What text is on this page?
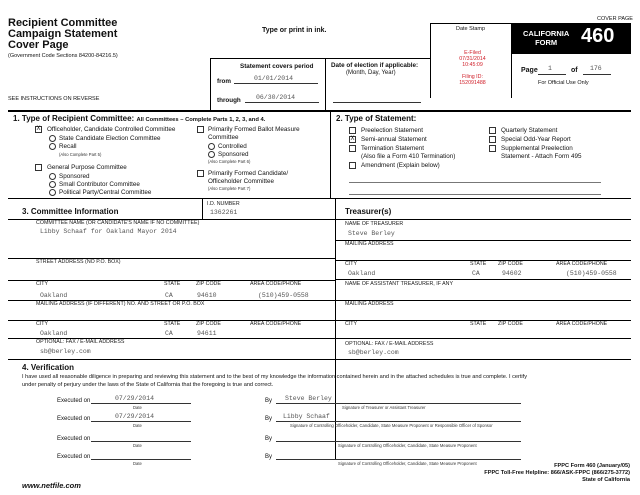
Recipient Committee
Campaign Statement
Cover Page
(Government Code Sections 84200-84216.5)
Type or print in ink.
COVER PAGE
Date Stamp
E-Filed
07/31/2014
10:45:09
Filing ID:
152091488
CALIFORNIA
FORM	460
Page 1	of 176
For Official Use Only
Statement covers period
from	01/01/2014
through 06/30/2014
Date of election if applicable:
(Month, Day, Year)
SEE INSTRUCTIONS ON REVERSE
1. Type of Recipient Committee: All Committees – Complete Parts 1, 2, 3, and 4.
X Officeholder, Candidate Controlled Committee
State Candidate Election Committee
Recall
(Also Complete Part 5)
General Purpose Committee
Sponsored
Small Contributor Committee
Political Party/Central Committee
Primarily Formed Ballot Measure
Committee
Controlled
Sponsored
(Also Complete Part 6)
Primarily Formed Candidate/
Officeholder Committee
(Also Complete Part 7)
2. Type of Statement:
Preelection Statement
X Semi-annual Statement
Termination Statement
(Also file a Form 410 Termination)
Amendment (Explain below)
Quarterly Statement
Special Odd-Year Report
Supplemental Preelection
Statement - Attach Form 495
3. Committee Information
I.D. NUMBER
1362261
COMMITTEE NAME (OR CANDIDATE'S NAME IF NO COMMITTEE)
Libby Schaaf for Oakland Mayor 2014
STREET ADDRESS (NO P.O. BOX)
CITY	STATE	ZIP CODE	AREA CODE/PHONE
Oakland	CA	94610	(510)459-0558
MAILING ADDRESS (IF DIFFERENT) NO. AND STREET OR P.O. BOX
CITY	STATE	ZIP CODE	AREA CODE/PHONE
Oakland	CA	94611
OPTIONAL: FAX / E-MAIL ADDRESS
sb@berley.com
Treasurer(s)
NAME OF TREASURER
Steve Berley
MAILING ADDRESS
CITY	STATE ZIP CODE	AREA CODE/PHONE
Oakland	CA	94602	(510)459-0558
NAME OF ASSISTANT TREASURER, IF ANY
MAILING ADDRESS
CITY	STATE ZIP CODE	AREA CODE/PHONE
OPTIONAL: FAX / E-MAIL ADDRESS
sb@berley.com
4. Verification
I have used all reasonable diligence in preparing and reviewing this statement and to the best of my knowledge the information contained herein and in the attached schedules is true and complete. I certify
under penalty of perjury under the laws of the State of California that the foregoing is true and correct.
Executed on	07/29/2014
Date
By Steve Berley
Signature of Treasurer or Assistant Treasurer
Executed on	07/29/2014
Date
By Libby Schaaf
Signature of Controlling Officeholder, Candidate, State Measure Proponent or Responsible Officer of Sponsor
Executed on
Date
By
Signature of Controlling Officeholder, Candidate, State Measure Proponent
Executed on
Date
By
Signature of Controlling Officeholder, Candidate, State Measure Proponent
www.netfile.com
FPPC Form 460 (January/05)
FPPC Toll-Free Helpline: 866/ASK-FPPC (866/275-3772)
State of California
